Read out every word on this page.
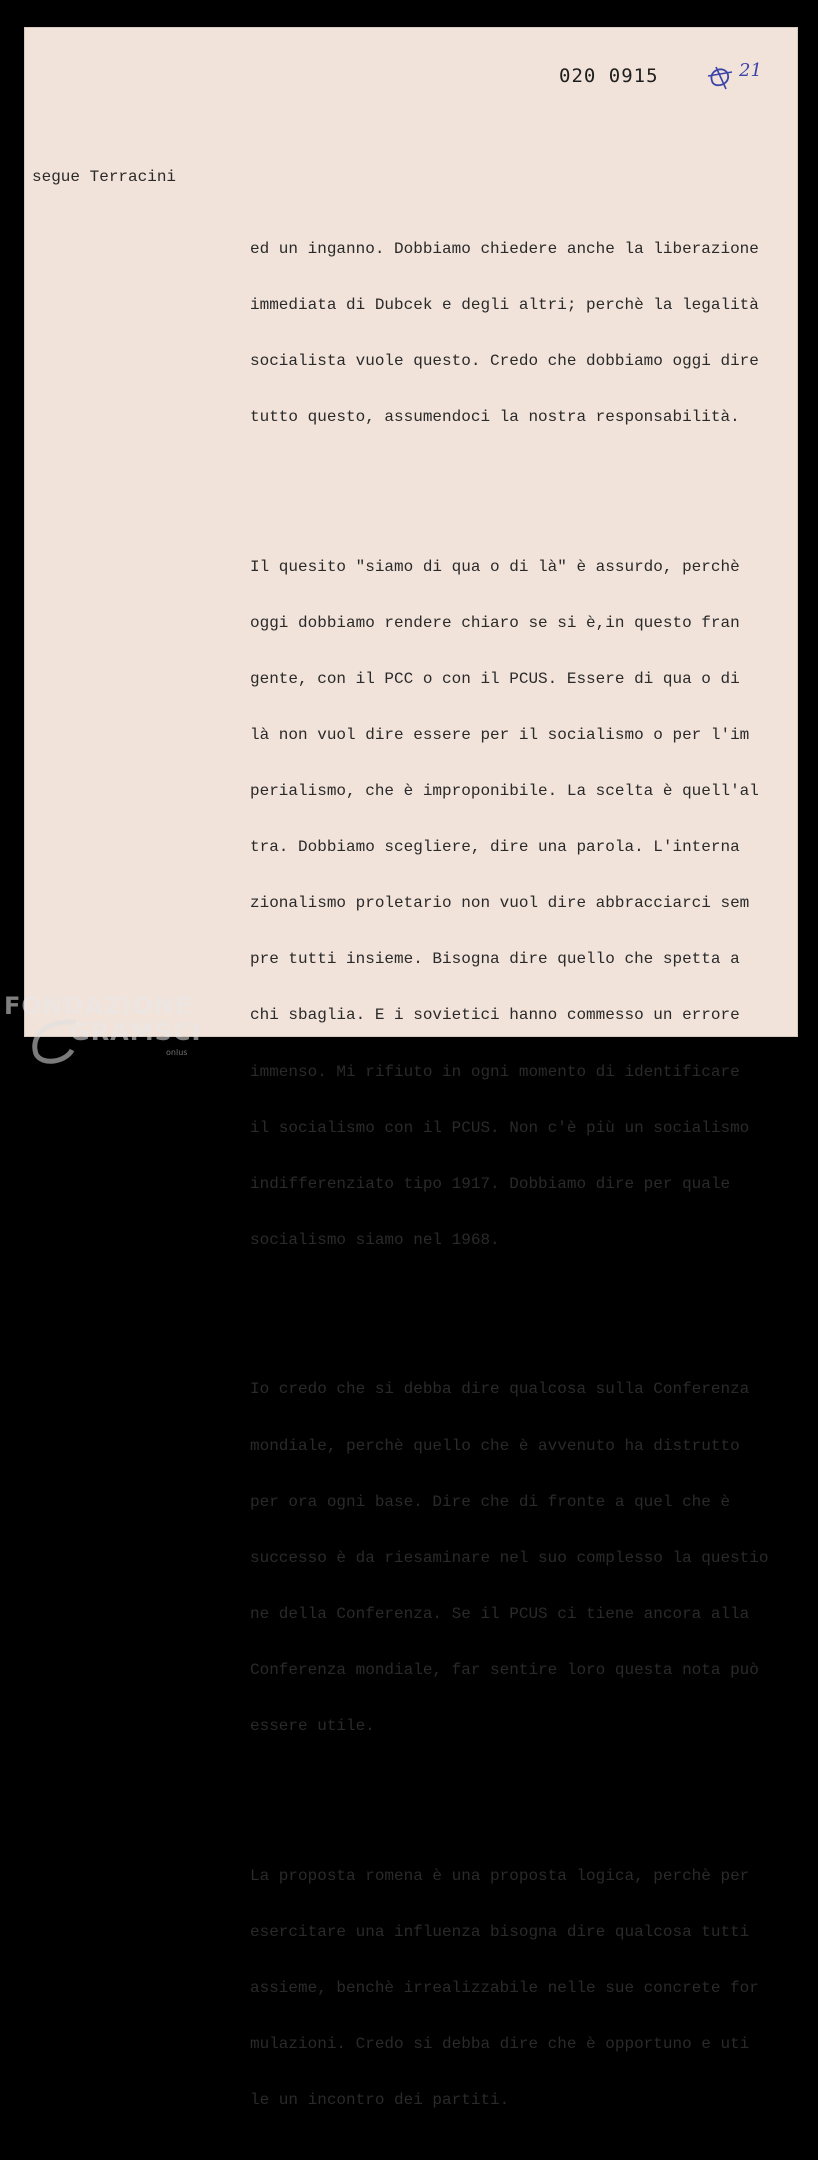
020 0915	21
segue Terracini

ed un inganno. Dobbiamo chiedere anche la liberazione

immediata di Dubcek e degli altri; perchè la legalità

socialista vuole questo. Credo che dobbiamo oggi dire

tutto questo, assumendoci la nostra responsabilità.

Il quesito "siamo di qua o di là" è assurdo, perchè

oggi dobbiamo rendere chiaro se si è,in questo fran

gente, con il PCC o con il PCUS. Essere di qua o di

là non vuol dire essere per il socialismo o per l'im

perialismo, che è improponibile. La scelta è quell'al

tra. Dobbiamo scegliere, dire una parola. L'interna

zionalismo proletario non vuol dire abbracciarci sem

pre tutti insieme. Bisogna dire quello che spetta a

chi sbaglia. E i sovietici hanno commesso un errore

immenso. Mi rifiuto in ogni momento di identificare

il socialismo con il PCUS. Non c'è più un socialismo

indifferenziato tipo 1917. Dobbiamo dire per quale

socialismo siamo nel 1968.

Io credo che si debba dire qualcosa sulla Conferenza

mondiale, perchè quello che è avvenuto ha distrutto

per ora ogni base. Dire che di fronte a quel che è

successo è da riesaminare nel suo complesso la questio

ne della Conferenza. Se il PCUS ci tiene ancora alla

Conferenza mondiale, far sentire loro questa nota può

essere utile.

La proposta romena è una proposta logica, perchè per

esercitare una influenza bisogna dire qualcosa tutti

assieme, benchè irrealizzabile nelle sue concrete for

mulazioni. Credo si debba dire che è opportuno e uti

le un incontro dei partiti.

FONDAZIONE
GRAMSCI
onlus
